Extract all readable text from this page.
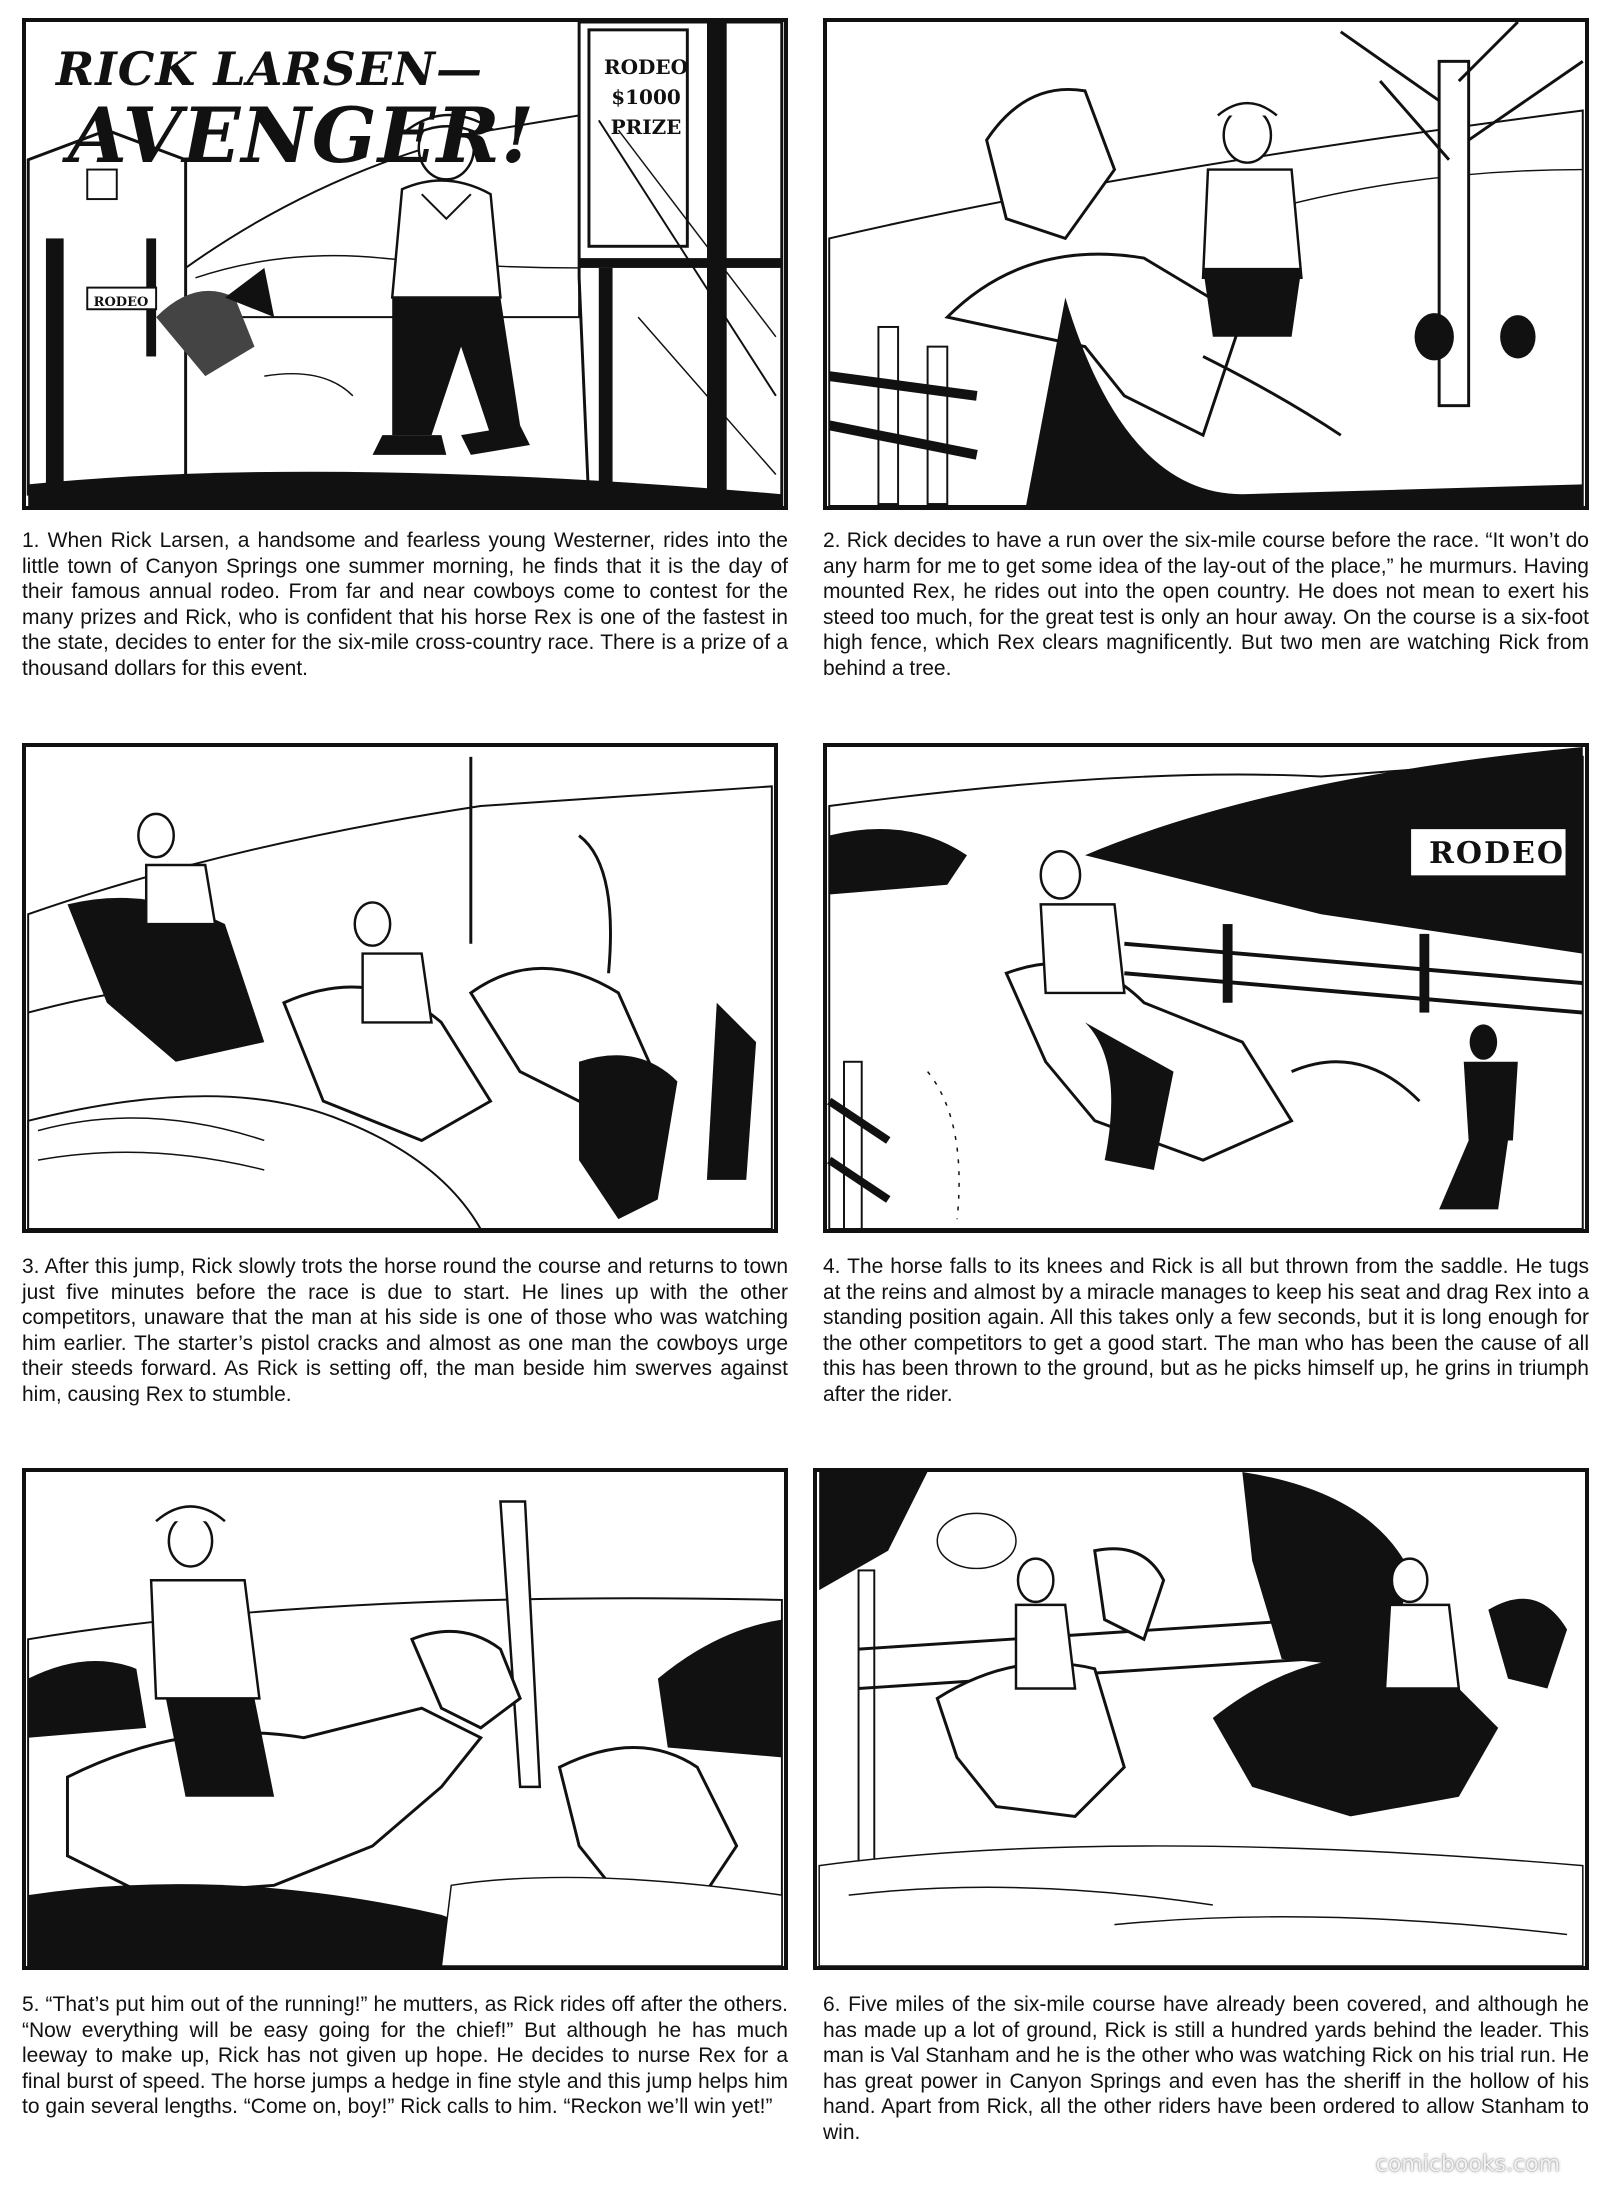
RICK LARSEN—
AVENGER!
RODEO $1000 PRIZE
RODEO

1. When Rick Larsen, a handsome and fearless young Westerner, rides into the little town of Canyon Springs one summer morning, he finds that it is the day of their famous annual rodeo. From far and near cowboys come to contest for the many prizes and Rick, who is confident that his horse Rex is one of the fastest in the state, decides to enter for the six-mile cross-country race. There is a prize of a thousand dollars for this event.

2. Rick decides to have a run over the six-mile course before the race. “It won’t do any harm for me to get some idea of the lay-out of the place,” he murmurs. Having mounted Rex, he rides out into the open country. He does not mean to exert his steed too much, for the great test is only an hour away. On the course is a six-foot high fence, which Rex clears magnificently. But two men are watching Rick from behind a tree.

RODEO

3. After this jump, Rick slowly trots the horse round the course and returns to town just five minutes before the race is due to start. He lines up with the other competitors, unaware that the man at his side is one of those who was watching him earlier. The starter’s pistol cracks and almost as one man the cowboys urge their steeds forward. As Rick is setting off, the man beside him swerves against him, causing Rex to stumble.

4. The horse falls to its knees and Rick is all but thrown from the saddle. He tugs at the reins and almost by a miracle manages to keep his seat and drag Rex into a standing position again. All this takes only a few seconds, but it is long enough for the other competitors to get a good start. The man who has been the cause of all this has been thrown to the ground, but as he picks himself up, he grins in triumph after the rider.

5. “That’s put him out of the running!” he mutters, as Rick rides off after the others. “Now everything will be easy going for the chief!” But although he has much leeway to make up, Rick has not given up hope. He decides to nurse Rex for a final burst of speed. The horse jumps a hedge in fine style and this jump helps him to gain several lengths. “Come on, boy!” Rick calls to him. “Reckon we’ll win yet!”

6. Five miles of the six-mile course have already been covered, and although he has made up a lot of ground, Rick is still a hundred yards behind the leader. This man is Val Stanham and he is the other who was watching Rick on his trial run. He has great power in Canyon Springs and even has the sheriff in the hollow of his hand. Apart from Rick, all the other riders have been ordered to allow Stanham to win.

comicbooks.com
